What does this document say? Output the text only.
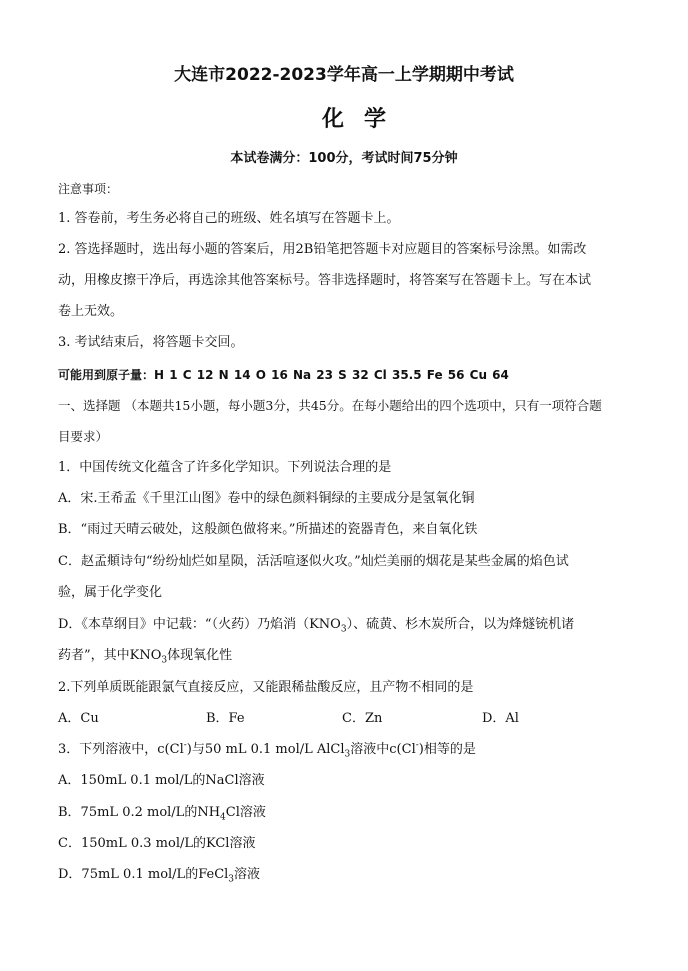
大连市2022-2023学年高一上学期期中考试
化学
本试卷满分：100分，考试时间75分钟
注意事项：
1. 答卷前，考生务必将自己的班级、姓名填写在答题卡上。
2. 答选择题时，选出每小题的答案后，用2B铅笔把答题卡对应题目的答案标号涂黑。如需改
动，用橡皮擦干净后，再选涂其他答案标号。答非选择题时，将答案写在答题卡上。写在本试
卷上无效。
3. 考试结束后，将答题卡交回。
可能用到原子量：H 1 C 12 N 14 O 16 Na 23 S 32 Cl 35.5 Fe 56 Cu 64
一、选择题 （本题共15小题，每小题3分，共45分。在每小题给出的四个选项中，只有一项符合题
目要求）
1．中国传统文化蕴含了许多化学知识。下列说法合理的是
A．宋.王希孟《千里江山图》卷中的绿色颜料铜绿的主要成分是氢氧化铜
B．“雨过天晴云破处，这般颜色做将来。”所描述的瓷器青色，来自氧化铁
C．赵孟頫诗句“纷纷灿烂如星陨，活活喧逐似火攻。”灿烂美丽的烟花是某些金属的焰色试
验，属于化学变化
D．《本草纲目》中记载：“（火药）乃焰消$(KNO_3)$、硫黄、杉木炭所合，以为烽燧铳机诸
药者”，其中$KNO_3$体现氧化性
2.下列单质既能跟氯气直接反应，又能跟稀盐酸反应，且产物不相同的是
A．Cu	B．Fe	C．Zn	D．Al
3．下列溶液中，c(Cl-)与50 mL 0.1 mol/L AlCl$_3$溶液中c(Cl-)相等的是
A．150mL 0.1 mol/L的NaCl溶液
B．75mL 0.2 mol/L的$NH_4Cl$溶液
C．150mL 0.3 mol/L的KCl溶液
D．75mL 0.1 mol/L的FeCl$_3$溶液
